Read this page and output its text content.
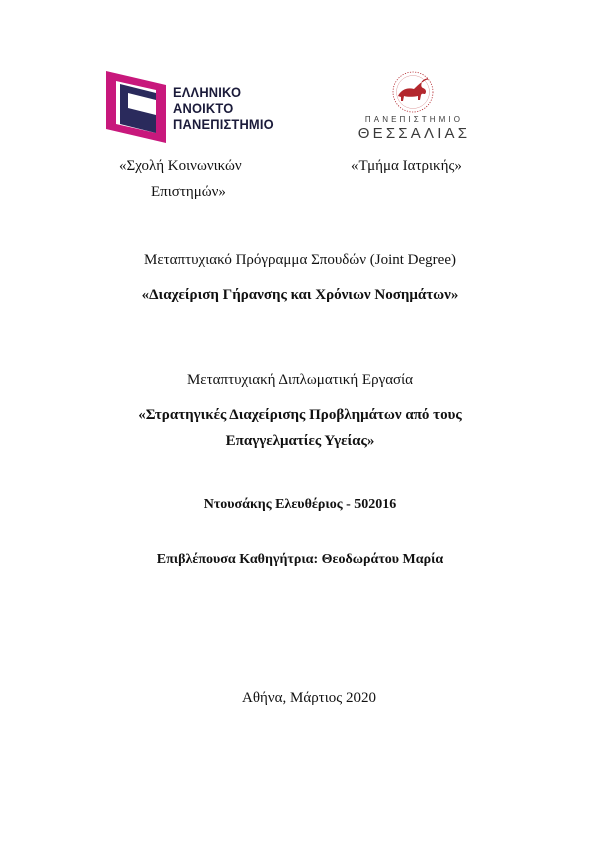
ΕΛΛΗΝΙΚΟ
ΑΝΟΙΚΤΟ
ΠΑΝΕΠΙΣΤΗΜΙΟ	ΠΑΝΕΠΙΣΤΗΜΙΟ
ΘΕΣΣΑΛΙΑΣ
«Σχολή Κοινωνικών
Επιστημών»
«Τμήμα Ιατρικής»
Μεταπτυχιακό Πρόγραμμα Σπουδών (Joint Degree)
«Διαχείριση Γήρανσης και Χρόνιων Νοσημάτων»
Μεταπτυχιακή Διπλωματική Εργασία
«Στρατηγικές Διαχείρισης Προβλημάτων από τους
Επαγγελματίες Υγείας»
Ντουσάκης Ελευθέριος - 502016
Επιβλέπουσα Καθηγήτρια: Θεοδωράτου Μαρία
Αθήνα, Μάρτιος 2020
